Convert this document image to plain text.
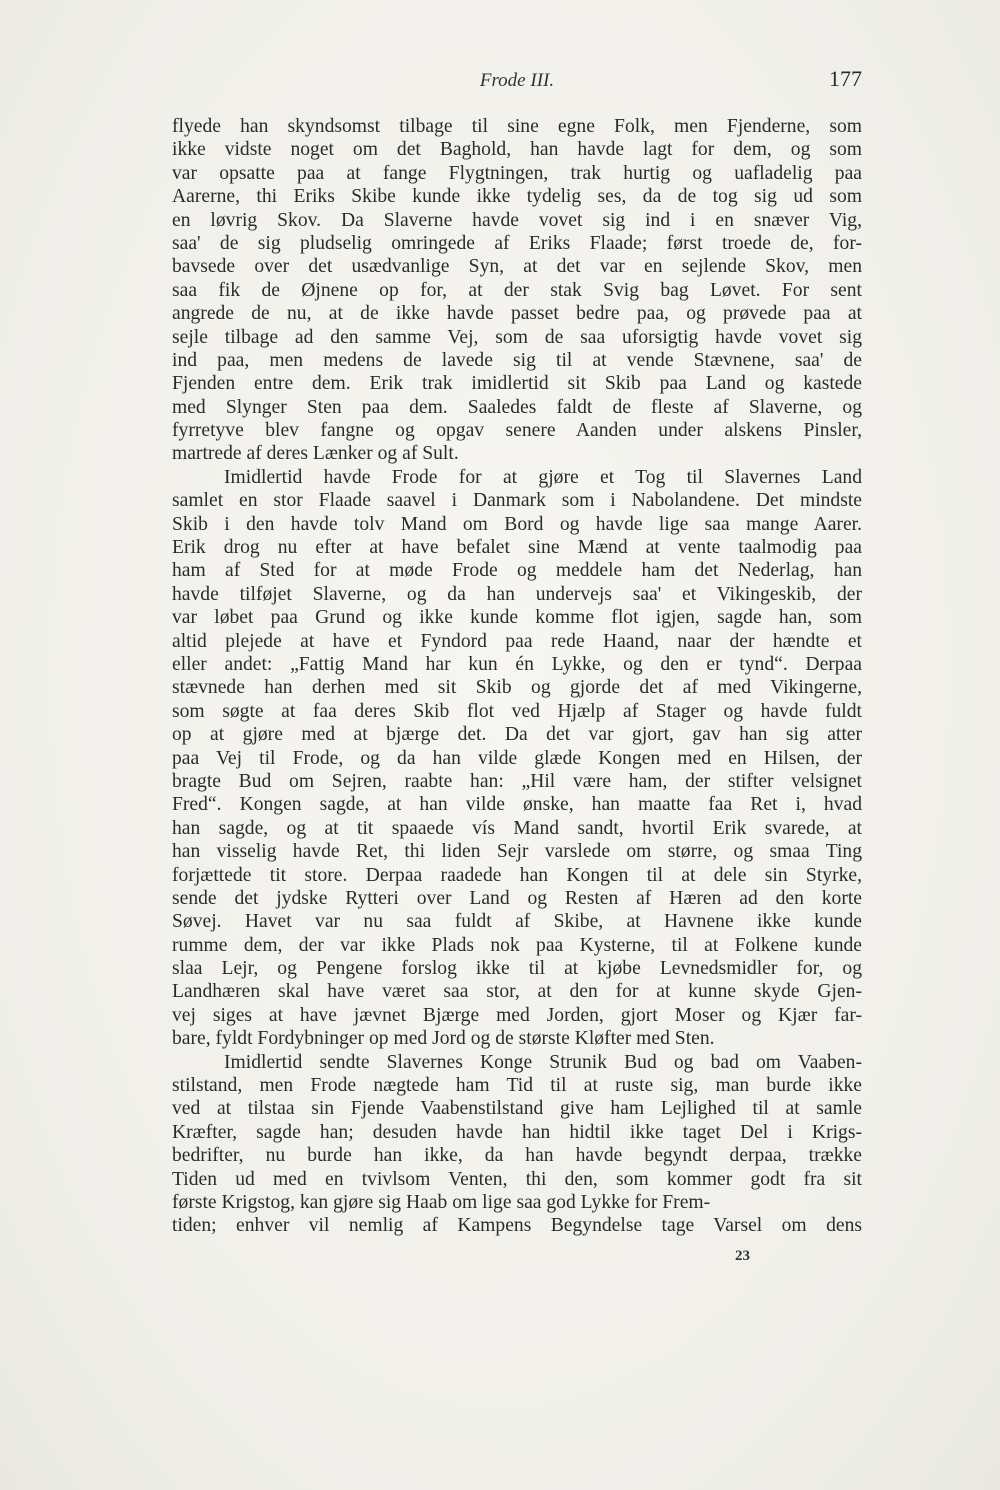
Frode III.	177
flyede han skyndsomst tilbage til sine egne Folk, men Fjenderne, som
ikke vidste noget om det Baghold, han havde lagt for dem, og som
var opsatte paa at fange Flygtningen, trak hurtig og uafladelig paa
Aarerne, thi Eriks Skibe kunde ikke tydelig ses, da de tog sig ud som
en løvrig Skov. Da Slaverne havde vovet sig ind i en snæver Vig,
saa' de sig pludselig omringede af Eriks Flaade; først troede de, for-
bavsede over det usædvanlige Syn, at det var en sejlende Skov, men
saa fik de Øjnene op for, at der stak Svig bag Løvet. For sent
angrede de nu, at de ikke havde passet bedre paa, og prøvede paa at
sejle tilbage ad den samme Vej, som de saa uforsigtig havde vovet sig
ind paa, men medens de lavede sig til at vende Stævnene, saa' de
Fjenden entre dem. Erik trak imidlertid sit Skib paa Land og kastede
med Slynger Sten paa dem. Saaledes faldt de fleste af Slaverne, og
fyrretyve blev fangne og opgav senere Aanden under alskens Pinsler,
martrede af deres Lænker og af Sult.
Imidlertid havde Frode for at gjøre et Tog til Slavernes Land
samlet en stor Flaade saavel i Danmark som i Nabolandene. Det mindste
Skib i den havde tolv Mand om Bord og havde lige saa mange Aarer.
Erik drog nu efter at have befalet sine Mænd at vente taalmodig paa
ham af Sted for at møde Frode og meddele ham det Nederlag, han
havde tilføjet Slaverne, og da han undervejs saa' et Vikingeskib, der
var løbet paa Grund og ikke kunde komme flot igjen, sagde han, som
altid plejede at have et Fyndord paa rede Haand, naar der hændte et
eller andet: „Fattig Mand har kun én Lykke, og den er tynd“. Derpaa
stævnede han derhen med sit Skib og gjorde det af med Vikingerne,
som søgte at faa deres Skib flot ved Hjælp af Stager og havde fuldt
op at gjøre med at bjærge det. Da det var gjort, gav han sig atter
paa Vej til Frode, og da han vilde glæde Kongen med en Hilsen, der
bragte Bud om Sejren, raabte han: „Hil være ham, der stifter velsignet
Fred“. Kongen sagde, at han vilde ønske, han maatte faa Ret i, hvad
han sagde, og at tit spaaede vís Mand sandt, hvortil Erik svarede, at
han visselig havde Ret, thi liden Sejr varslede om større, og smaa Ting
forjættede tit store. Derpaa raadede han Kongen til at dele sin Styrke,
sende det jydske Rytteri over Land og Resten af Hæren ad den korte
Søvej. Havet var nu saa fuldt af Skibe, at Havnene ikke kunde
rumme dem, der var ikke Plads nok paa Kysterne, til at Folkene kunde
slaa Lejr, og Pengene forslog ikke til at kjøbe Levnedsmidler for, og
Landhæren skal have været saa stor, at den for at kunne skyde Gjen-
vej siges at have jævnet Bjærge med Jorden, gjort Moser og Kjær far-
bare, fyldt Fordybninger op med Jord og de største Kløfter med Sten.
Imidlertid sendte Slavernes Konge Strunik Bud og bad om Vaaben-
stilstand, men Frode nægtede ham Tid til at ruste sig, man burde ikke
ved at tilstaa sin Fjende Vaabenstilstand give ham Lejlighed til at samle
Kræfter, sagde han; desuden havde han hidtil ikke taget Del i Krigs-
bedrifter, nu burde han ikke, da han havde begyndt derpaa, trække
Tiden ud med en tvivlsom Venten, thi den, som kommer godt fra sit
første Krigstog, kan gjøre sig Haab om lige saa god Lykke for Frem-
tiden; enhver vil nemlig af Kampens Begyndelse tage Varsel om dens
23
